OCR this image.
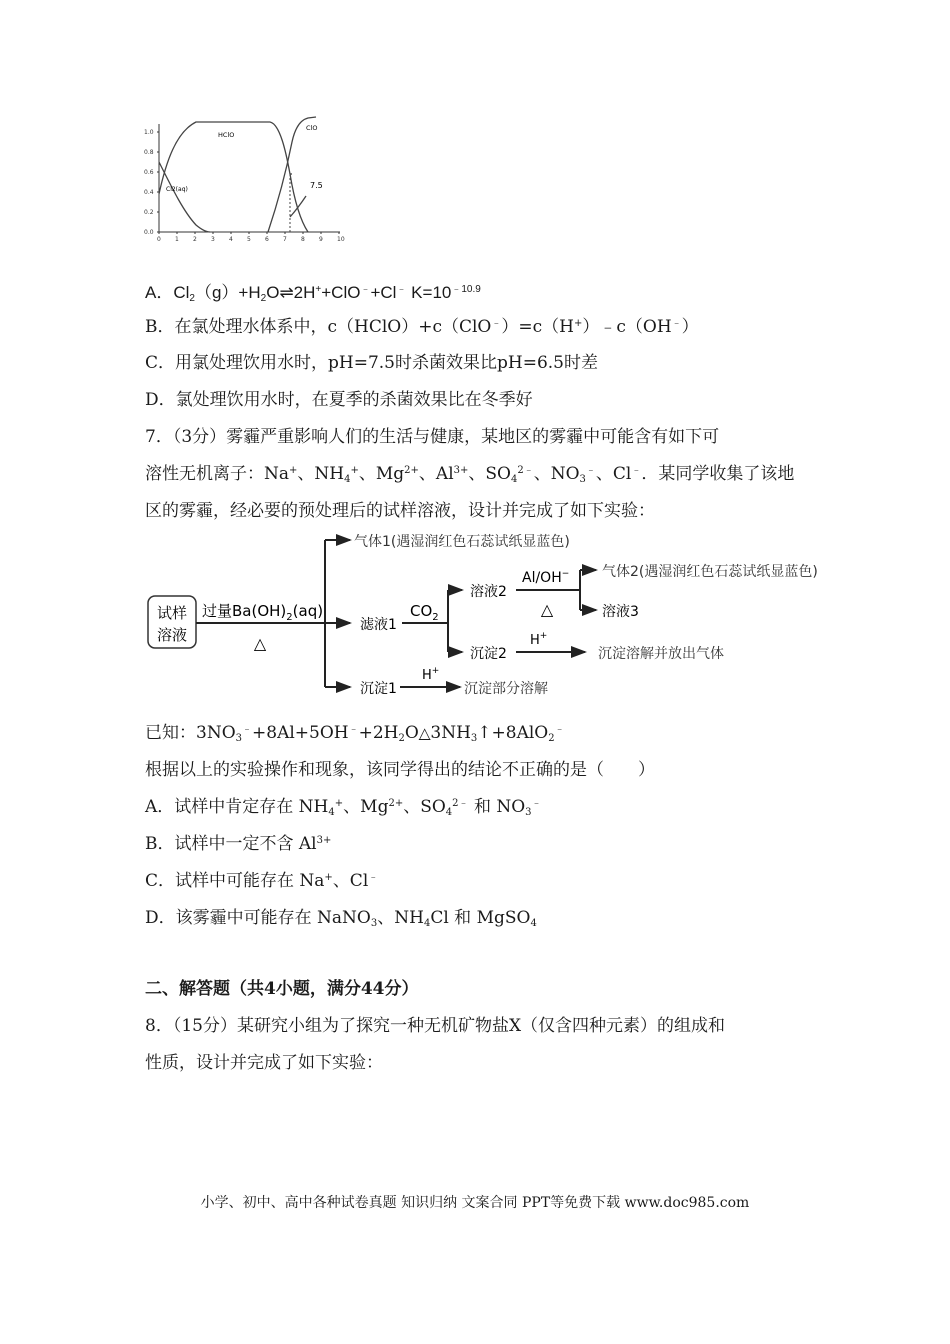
1.0
0.8
0.6
0.4
0.2
0.0
0 1 2 3 4 5 6 7 8 9 10
HClO
ClO
Cl2(aq)	7.5
A．$Cl_2(g)+H_2O\rightleftharpoons 2H^++ClO^﹣+Cl^﹣$ $K=10^{﹣10.9}$
B．在氯处理水体系中，c（HClO）+c（ClO﹣）=c（H+）﹣c（OH﹣）
C．用氯处理饮用水时，pH=7.5时杀菌效果比pH=6.5时差
D．氯处理饮用水时，在夏季的杀菌效果比在冬季好
7．（3分）雾霾严重影响人们的生活与健康，某地区的雾霾中可能含有如下可
溶性无机离子：Na+、$NH_4^+$、$Mg^{2+}$、$Al^{3+}$、$SO_4^{2﹣}$、$NO_3^﹣$、Cl﹣．某同学收集了该地
区的雾霾，经必要的预处理后的试样溶液，设计并完成了如下实验：
试样
溶液
过量$Ba(OH)_2(aq)$
△
气体1(遇湿润红色石蕊试纸显蓝色)
滤液1
沉淀1
$CO_2$
溶液2
沉淀2
Al/OH−
△
气体2(遇湿润红色石蕊试纸显蓝色)
溶液3
H+
沉淀溶解并放出气体
H+
沉淀部分溶解
已知：$3NO_3^﹣+8Al+5OH^﹣+2H_2O\triangle 3NH_3↑+8AlO_2^﹣$
根据以上的实验操作和现象，该同学得出的结论不正确的是（　　）
A．试样中肯定存在 $NH_4^+$、$Mg^{2+}$、$SO_4^{2﹣}$ 和 $NO_3^﹣$
B．试样中一定不含 $Al^{3+}$
C．试样中可能存在 Na+、Cl﹣
D．该雾霾中可能存在 NaNO$_3$、$NH_4Cl$ 和 MgSO$_4$
二、解答题（共4小题，满分44分）
8．（15分）某研究小组为了探究一种无机矿物盐X（仅含四种元素）的组成和
性质，设计并完成了如下实验：
小学、初中、高中各种试卷真题 知识归纳 文案合同 PPT等免费下载 www.doc985.com
